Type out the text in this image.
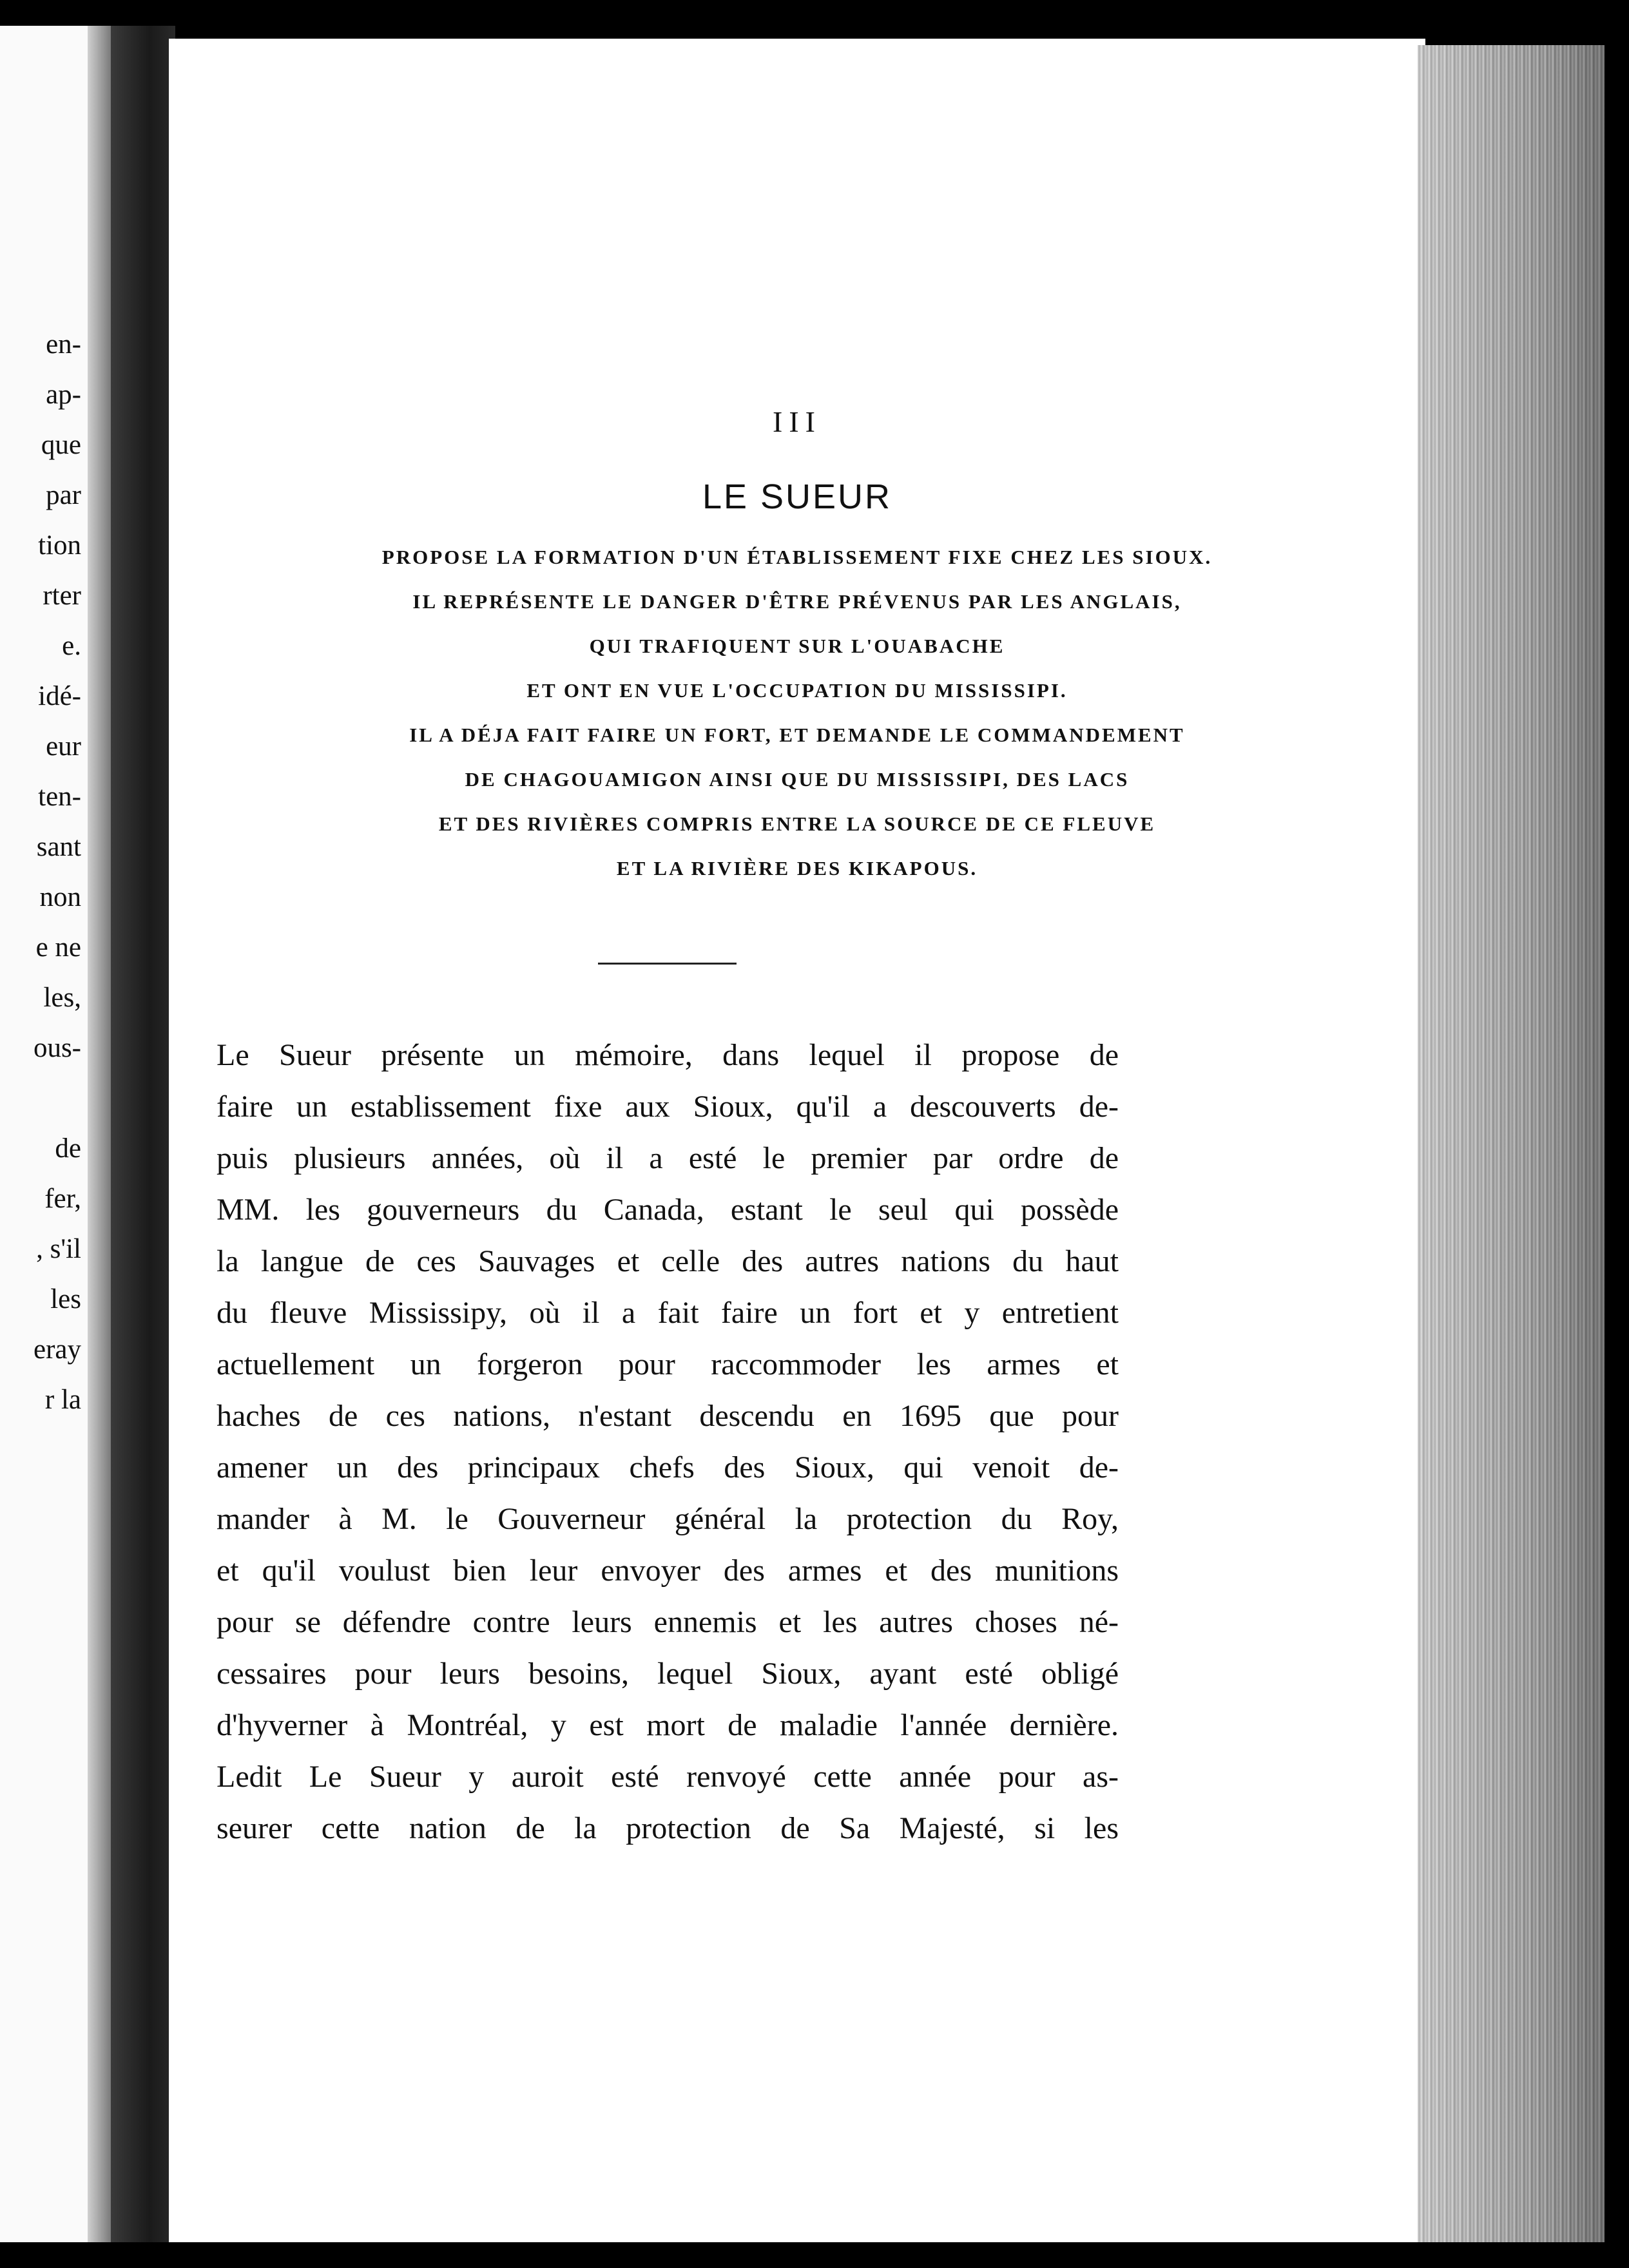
en-
ap-
que
par
tion
rter
e.
idé-
eur
ten-
sant
non
e ne
les,
ous-
de
fer,
, s'il
les
eray
r la
III
LE SUEUR
PROPOSE LA FORMATION D'UN ÉTABLISSEMENT FIXE CHEZ LES SIOUX.
IL REPRÉSENTE LE DANGER D'ÊTRE PRÉVENUS PAR LES ANGLAIS,
QUI TRAFIQUENT SUR L'OUABACHE
ET ONT EN VUE L'OCCUPATION DU MISSISSIPI.
IL A DÉJA FAIT FAIRE UN FORT, ET DEMANDE LE COMMANDEMENT
DE CHAGOUAMIGON AINSI QUE DU MISSISSIPI, DES LACS
ET DES RIVIÈRES COMPRIS ENTRE LA SOURCE DE CE FLEUVE
ET LA RIVIÈRE DES KIKAPOUS.
Le Sueur présente un mémoire, dans lequel il propose de
faire un establissement fixe aux Sioux, qu'il a descouverts de-
puis plusieurs années, où il a esté le premier par ordre de
MM. les gouverneurs du Canada, estant le seul qui possède
la langue de ces Sauvages et celle des autres nations du haut
du fleuve Mississipy, où il a fait faire un fort et y entretient
actuellement un forgeron pour raccommoder les armes et
haches de ces nations, n'estant descendu en 1695 que pour
amener un des principaux chefs des Sioux, qui venoit de-
mander à M. le Gouverneur général la protection du Roy,
et qu'il voulust bien leur envoyer des armes et des munitions
pour se défendre contre leurs ennemis et les autres choses né-
cessaires pour leurs besoins, lequel Sioux, ayant esté obligé
d'hyverner à Montréal, y est mort de maladie l'année dernière.
Ledit Le Sueur y auroit esté renvoyé cette année pour as-
seurer cette nation de la protection de Sa Majesté, si les
